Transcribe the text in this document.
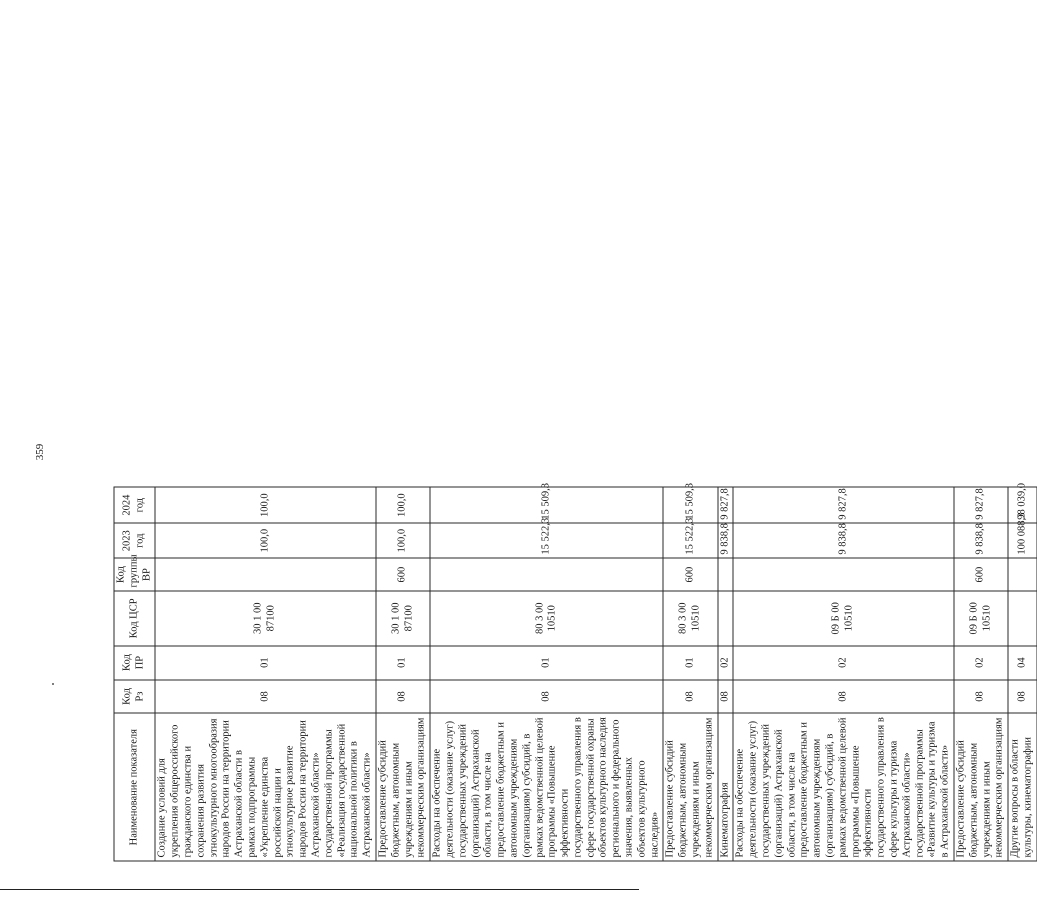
359
Наименование показателя	Код Рз	Код ПР	Код ЦСР	Код группы ВР	2023 год	2024 год
Создание условий для укрепления общероссийского гражданского единства и сохранения развития этнокультурного многообразия народов России на территории Астраханской области в рамках подпрограммы «Укрепление единства российской нации и этнокультурное развитие народов России на территории Астраханской области» государственной программы «Реализация государственной национальной политики в Астраханской области»	08	01	30 1 00 87100		100,0	100,0
Предоставление субсидий бюджетным, автономным учреждениям и иным некоммерческим организациям	08	01	30 1 00 87100	600	100,0	100,0
Расходы на обеспечение деятельности (оказание услуг) государственных учреждений (организаций) Астраханской области, в том числе на предоставление бюджетным и автономным учреждениям (организациям) субсидий, в рамках ведомственной целевой программы «Повышение эффективности государственного управления в сфере государственной охраны объектов культурного наследия регионального и федерального значения, выявленных объектов культурного наследия»	08	01	80 3 00 10510		15 522,3	15 509,3
Предоставление субсидий бюджетным, автономным учреждениям и иным некоммерческим организациям	08	01	80 3 00 10510	600	15 522,3	15 509,3
Кинематография	08	02			9 838,8	9 827,8
Расходы на обеспечение деятельности (оказание услуг) государственных учреждений (организаций) Астраханской области, в том числе на предоставление бюджетным и автономным учреждениям (организациям) субсидий, в рамках ведомственной целевой программы «Повышение эффективности государственного управления в сфере культуры и туризма Астраханской области» государственной программы «Развитие культуры и туризма в Астраханской области»	08	02	09 Б 00 10510		9 838,8	9 827,8
Предоставление субсидий бюджетным, автономным учреждениям и иным некоммерческим организациям	08	02	09 Б 00 10510	600	9 838,8	9 827,8
Другие вопросы в области культуры, кинематографии	08	04			100 088,3	98 039,0
